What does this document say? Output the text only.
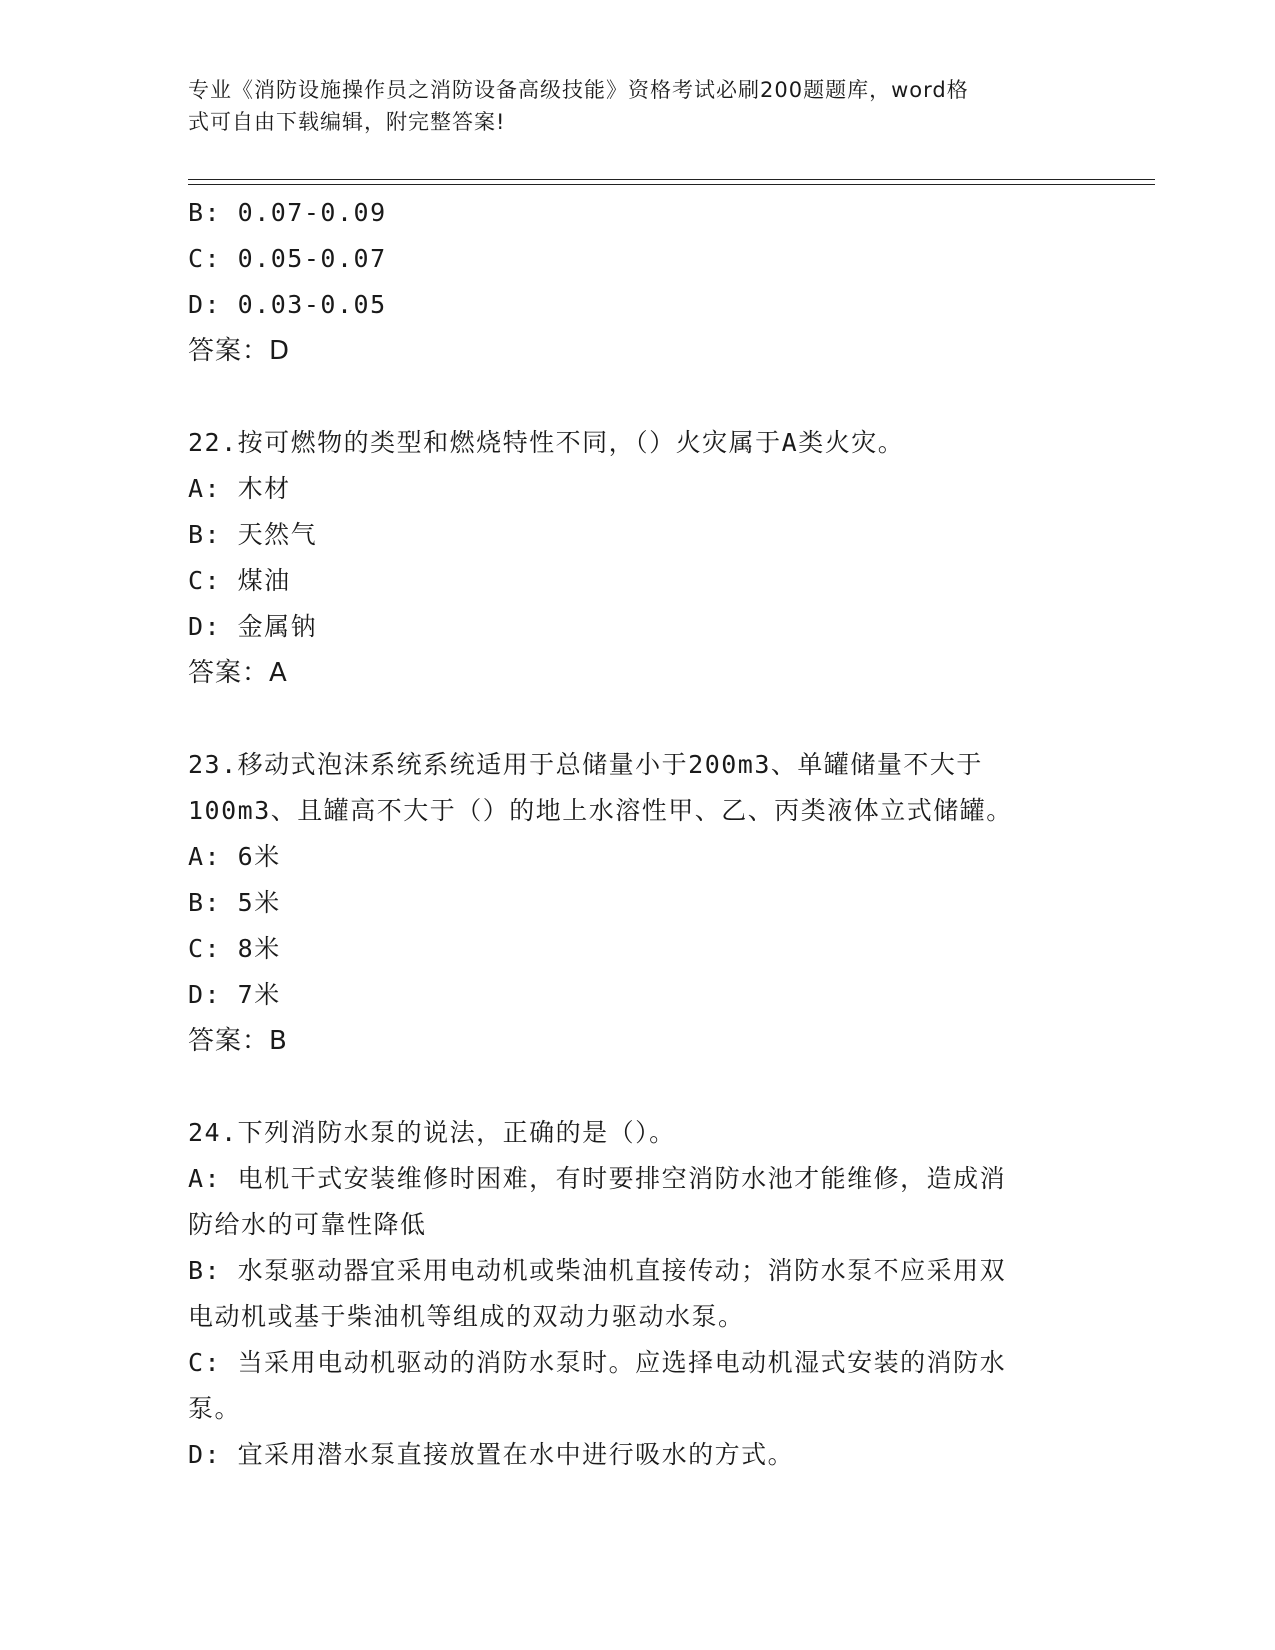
专业《消防设施操作员之消防设备高级技能》资格考试必刷200题题库，word格
式可自由下载编辑，附完整答案!
B: 0.07-0.09
C: 0.05-0.07
D: 0.03-0.05
答案：D
22.按可燃物的类型和燃烧特性不同，（）火灾属于A类火灾。
A: 木材
B: 天然气
C: 煤油
D: 金属钠
答案：A
23.移动式泡沫系统系统适用于总储量小于200m3、单罐储量不大于
100m3、且罐高不大于（）的地上水溶性甲、乙、丙类液体立式储罐。
A: 6米
B: 5米
C: 8米
D: 7米
答案：B
24.下列消防水泵的说法，正确的是（）。
A: 电机干式安装维修时困难，有时要排空消防水池才能维修，造成消
防给水的可靠性降低
B: 水泵驱动器宜采用电动机或柴油机直接传动；消防水泵不应采用双
电动机或基于柴油机等组成的双动力驱动水泵。
C: 当采用电动机驱动的消防水泵时。应选择电动机湿式安装的消防水
泵。
D: 宜采用潜水泵直接放置在水中进行吸水的方式。
